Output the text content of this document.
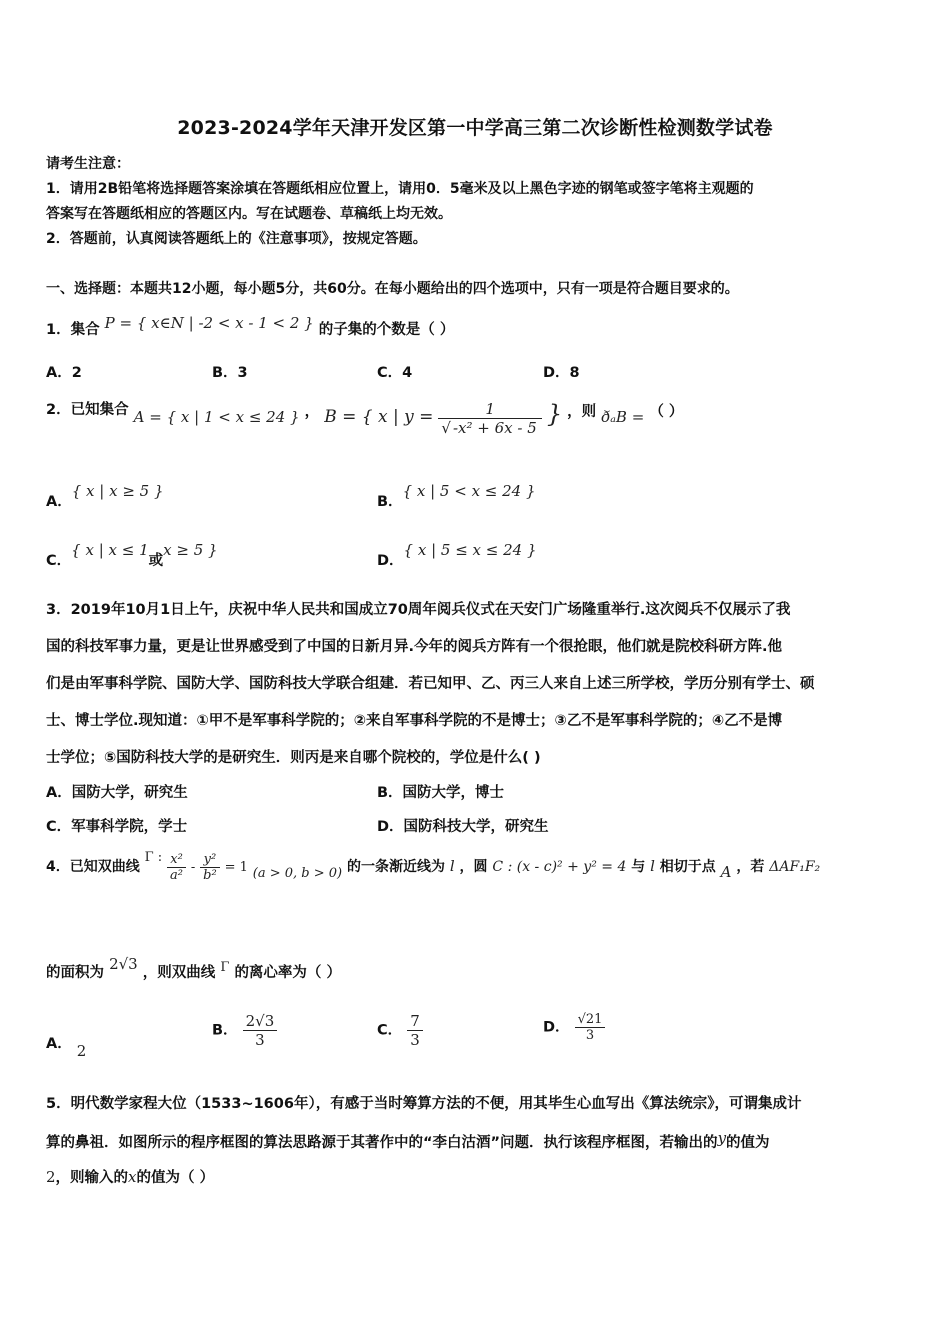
2023-2024学年天津开发区第一中学高三第二次诊断性检测数学试卷
请考生注意：
1．请用2B铅笔将选择题答案涂填在答题纸相应位置上，请用0．5毫米及以上黑色字迹的钢笔或签字笔将主观题的
答案写在答题纸相应的答题区内。写在试题卷、草稿纸上均无效。
2．答题前，认真阅读答题纸上的《注意事项》，按规定答题。
一、选择题：本题共12小题，每小题5分，共60分。在每小题给出的四个选项中，只有一项是符合题目要求的。
1．集合 P = { x∈N | -2 < x - 1 < 2 } 的子集的个数是（ ）
A．2	B．3	C．4	D．8
2．已知集合 A = { x | 1 < x ≤ 24 } ， B = { x | $y = \frac{1}{\text{√ -x² + 6x - 5}}$ } ，则 ðₐB = （ ）
A．{ x | x ≥ 5 }
B．{ x | 5 < x ≤ 24 }
C．{ x | x ≤ 1或x ≥ 5 }
D．{ x | 5 ≤ x ≤ 24 }
3．2019年10月1日上午，庆祝中华人民共和国成立70周年阅兵仪式在天安门广场隆重举行.这次阅兵不仅展示了我
国的科技军事力量，更是让世界感受到了中国的日新月异.今年的阅兵方阵有一个很抢眼，他们就是院校科研方阵.他
们是由军事科学院、国防大学、国防科技大学联合组建．若已知甲、乙、丙三人来自上述三所学校，学历分别有学士、硕
士、博士学位.现知道：①甲不是军事科学院的；②来自军事科学院的不是博士；③乙不是军事科学院的；④乙不是博
士学位；⑤国防科技大学的是研究生．则丙是来自哪个院校的，学位是什么( )
A．国防大学，研究生	B．国防大学，博士
C．军事科学院，学士	D．国防科技大学，研究生
4．已知双曲线 Γ : $\frac{\text{x²}}{\text{a²}} - \frac{\text{y²}}{\text{b²}} = 1$ (a > 0, b > 0) 的一条渐近线为 l ，圆 C : (x - c)² + y² = 4 与 l 相切于点 A ，若 ΔAF₁F₂
的面积为 2√3 ，则双曲线 Γ 的离心率为（ ）
A． 2
B． $\frac{2√3}{3}$	C． $\frac{7}{3}$	D． $\frac{√21}{3}$
5．明代数学家程大位（1533~1606年），有感于当时筹算方法的不便，用其毕生心血写出《算法统宗》，可谓集成计
算的鼻祖．如图所示的程序框图的算法思路源于其著作中的“李白沽酒”问题．执行该程序框图，若输出的y的值为
2，则输入的x的值为（ ）
